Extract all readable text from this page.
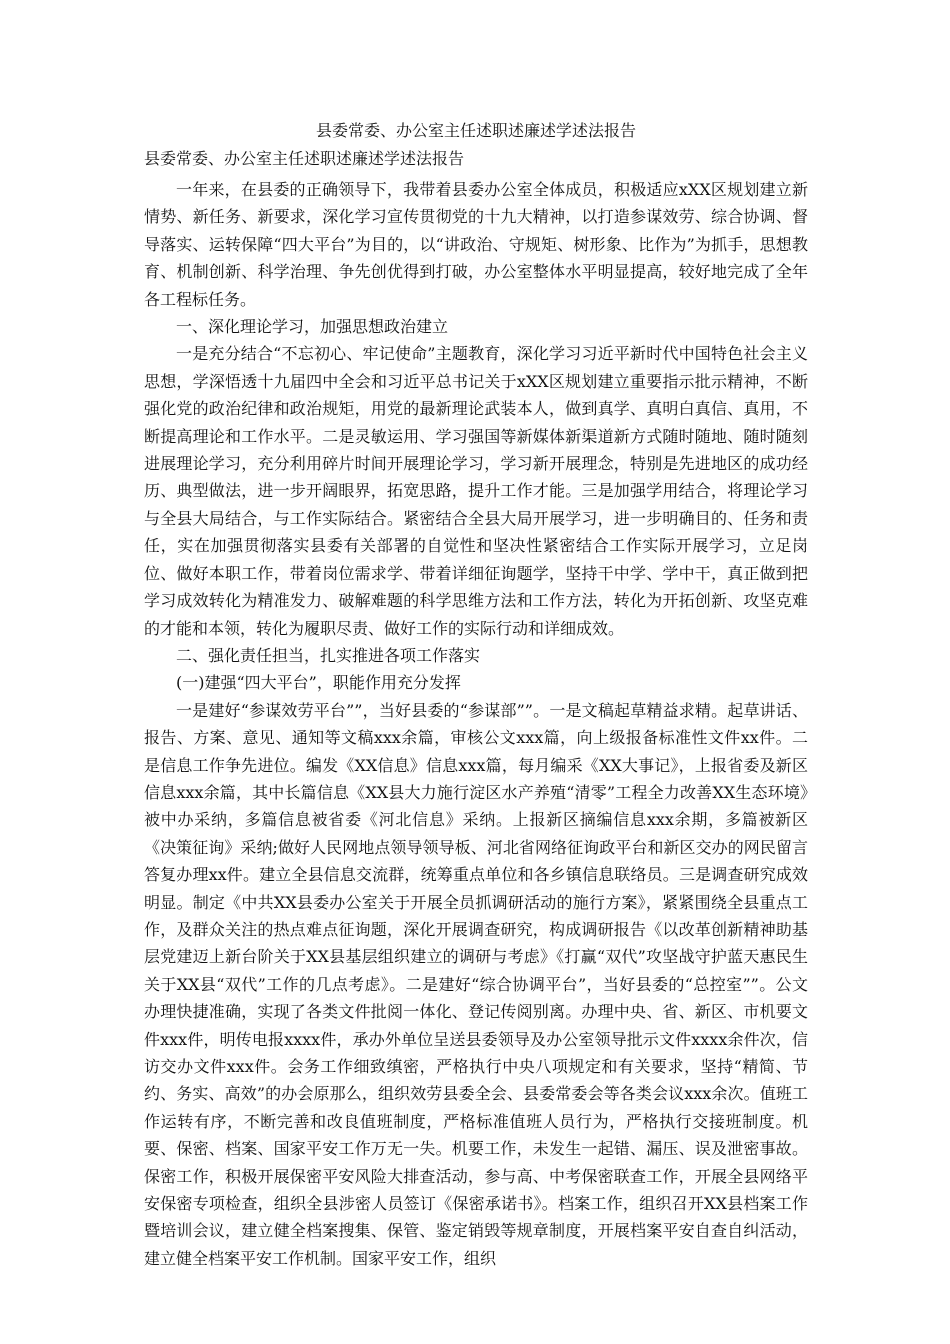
县委常委、办公室主任述职述廉述学述法报告
县委常委、办公室主任述职述廉述学述法报告

一年来，在县委的正确领导下，我带着县委办公室全体成员，积极适应xXX区规划建立新情势、新任务、新要求，深化学习宣传贯彻党的十九大精神，以打造参谋效劳、综合协调、督导落实、运转保障“四大平台”为目的，以“讲政治、守规矩、树形象、比作为”为抓手，思想教育、机制创新、科学治理、争先创优得到打破，办公室整体水平明显提高，较好地完成了全年各工程标任务。

一、深化理论学习，加强思想政治建立

一是充分结合“不忘初心、牢记使命”主题教育，深化学习习近平新时代中国特色社会主义思想，学深悟透十九届四中全会和习近平总书记关于xXX区规划建立重要指示批示精神，不断强化党的政治纪律和政治规矩，用党的最新理论武装本人，做到真学、真明白真信、真用，不断提高理论和工作水平。二是灵敏运用、学习强国等新媒体新渠道新方式随时随地、随时随刻进展理论学习，充分利用碎片时间开展理论学习，学习新开展理念，特别是先进地区的成功经历、典型做法，进一步开阔眼界，拓宽思路，提升工作才能。三是加强学用结合，将理论学习与全县大局结合，与工作实际结合。紧密结合全县大局开展学习，进一步明确目的、任务和责任，实在加强贯彻落实县委有关部署的自觉性和坚决性紧密结合工作实际开展学习，立足岗位、做好本职工作，带着岗位需求学、带着详细征询题学，坚持干中学、学中干，真正做到把学习成效转化为精准发力、破解难题的科学思维方法和工作方法，转化为开拓创新、攻坚克难的才能和本领，转化为履职尽责、做好工作的实际行动和详细成效。

二、强化责任担当，扎实推进各项工作落实

(一)建强“四大平台”，职能作用充分发挥

一是建好“参谋效劳平台””，当好县委的“参谋部””。一是文稿起草精益求精。起草讲话、报告、方案、意见、通知等文稿xxx余篇，审核公文xxx篇，向上级报备标准性文件xx件。二是信息工作争先进位。编发《XX信息》信息xxx篇，每月编采《XX大事记》，上报省委及新区信息xxx余篇，其中长篇信息《XX县大力施行淀区水产养殖“清零”工程全力改善XX生态环境》被中办采纳，多篇信息被省委《河北信息》采纳。上报新区摘编信息xxx余期，多篇被新区《决策征询》采纳;做好人民网地点领导领导板、河北省网络征询政平台和新区交办的网民留言答复办理xx件。建立全县信息交流群，统筹重点单位和各乡镇信息联络员。三是调查研究成效明显。制定《中共XX县委办公室关于开展全员抓调研活动的施行方案》，紧紧围绕全县重点工作，及群众关注的热点难点征询题，深化开展调查研究，构成调研报告《以改革创新精神助基层党建迈上新台阶关于XX县基层组织建立的调研与考虑》《打赢“双代”攻坚战守护蓝天惠民生关于XX县“双代”工作的几点考虑》。二是建好“综合协调平台”，当好县委的“总控室””。公文办理快捷准确，实现了各类文件批阅一体化、登记传阅别离。办理中央、省、新区、市机要文件xxx件，明传电报xxxx件，承办外单位呈送县委领导及办公室领导批示文件xxxx余件次，信访交办文件xxx件。会务工作细致缜密，严格执行中央八项规定和有关要求，坚持“精简、节约、务实、高效”的办会原那么，组织效劳县委全会、县委常委会等各类会议xxx余次。值班工作运转有序，不断完善和改良值班制度，严格标准值班人员行为，严格执行交接班制度。机要、保密、档案、国家平安工作万无一失。机要工作，未发生一起错、漏压、误及泄密事故。保密工作，积极开展保密平安风险大排查活动，参与高、中考保密联查工作，开展全县网络平安保密专项检查，组织全县涉密人员签订《保密承诺书》。档案工作，组织召开XX县档案工作暨培训会议，建立健全档案搜集、保管、鉴定销毁等规章制度，开展档案平安自查自纠活动，建立健全档案平安工作机制。国家平安工作，组织
